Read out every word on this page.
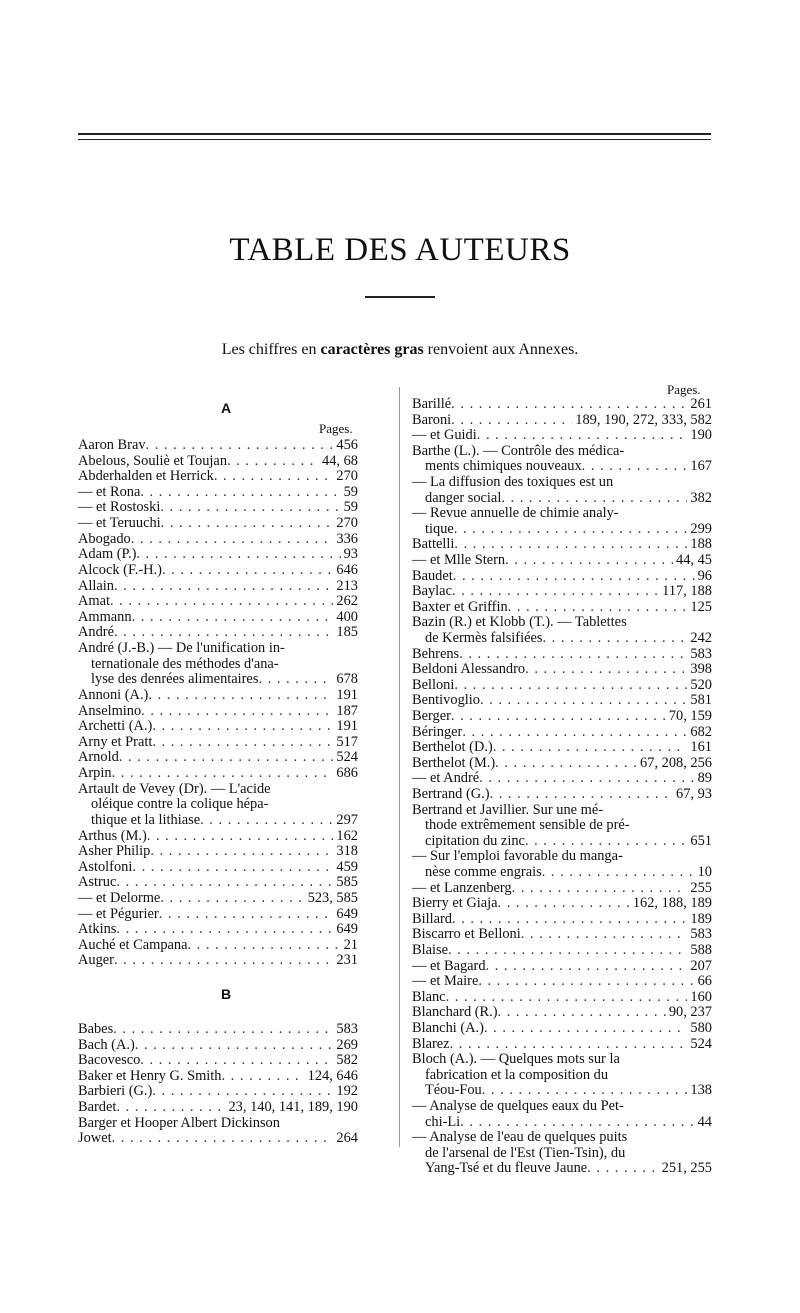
TABLE DES AUTEURS
Les chiffres en caractères gras renvoient aux Annexes.
A
Pages.
B
Pages.
Aaron Brav . . .	456
Abelous, Souliè et Toujan . . .	44, 68
Abderhalden et Herrick . . .	270
— et Rona . . .	59
— et Rostoski . . .	59
— et Teruuchi . . .	270
Abogado . . .	336
Adam (P.) . . .	93
Alcock (F.-H.) . . .	646
Allain . . .	213
Amat . . .	262
Ammann . . .	400
André . . .	185
André (J.-B.) — De l'unification in-
ternationale des méthodes d'ana-
lyse des denrées alimentaires . . .	678
Annoni (A.) . . .	191
Anselmino . . .	187
Archetti (A.) . . .	191
Arny et Pratt . . .	517
Arnold . . .	524
Arpin . . .	686
Artault de Vevey (Dr). — L'acide
oléique contre la colique hépa-
thique et la lithiase . . .	297
Arthus (M.) . . .	162
Asher Philip . . .	318
Astolfoni . . .	459
Astruc . . .	585
— et Delorme . . .	523, 585
— et Pégurier . . .	649
Atkins . . .	649
Auché et Campana . . .	21
Auger . . .	231
Babes . . .	583
Bach (A.) . . .	269
Bacovesco . . .	582
Baker et Henry G. Smith . . .	124, 646
Barbieri (G.) . . .	192
Bardet . . .	23, 140, 141, 189, 190
Barger et Hooper Albert Dickinson
Jowet . . .	264
Barillé . . .	261
Baroni . . .	189, 190, 272, 333, 582
— et Guidi . . .	190
Barthe (L.). — Contrôle des médica-
ments chimiques nouveaux . . .	167
— La diffusion des toxiques est un
danger social . . .	382
— Revue annuelle de chimie analy-
tique . . .	299
Battelli . . .	188
— et Mlle Stern . . .	44, 45
Baudet . . .	96
Baylac . . .	117, 188
Baxter et Griffin . . .	125
Bazin (R.) et Klobb (T.). — Tablettes
de Kermès falsifiées . . .	242
Behrens . . .	583
Beldoni Alessandro . . .	398
Belloni . . .	520
Bentivoglio . . .	581
Berger . . .	70, 159
Béringer . . .	682
Berthelot (D.) . . .	161
Berthelot (M.) . . .	67, 208, 256
— et André . . .	89
Bertrand (G.) . . .	67, 93
Bertrand et Javillier. Sur une mé-
thode extrêmement sensible de pré-
cipitation du zinc . . .	651
— Sur l'emploi favorable du manga-
nèse comme engrais . . .	10
— et Lanzenberg . . .	255
Bierry et Giaja . . .	162, 188, 189
Billard . . .	189
Biscarro et Belloni . . .	583
Blaise . . .	588
— et Bagard . . .	207
— et Maire . . .	66
Blanc . . .	160
Blanchard (R.) . . .	90, 237
Blanchi (A.) . . .	580
Blarez . . .	524
Bloch (A.). — Quelques mots sur la
fabrication et la composition du
Téou-Fou . . .	138
— Analyse de quelques eaux du Pet-
chi-Li . . .	44
— Analyse de l'eau de quelques puits
de l'arsenal de l'Est (Tien-Tsin), du
Yang-Tsé et du fleuve Jaune . . .	251, 255
